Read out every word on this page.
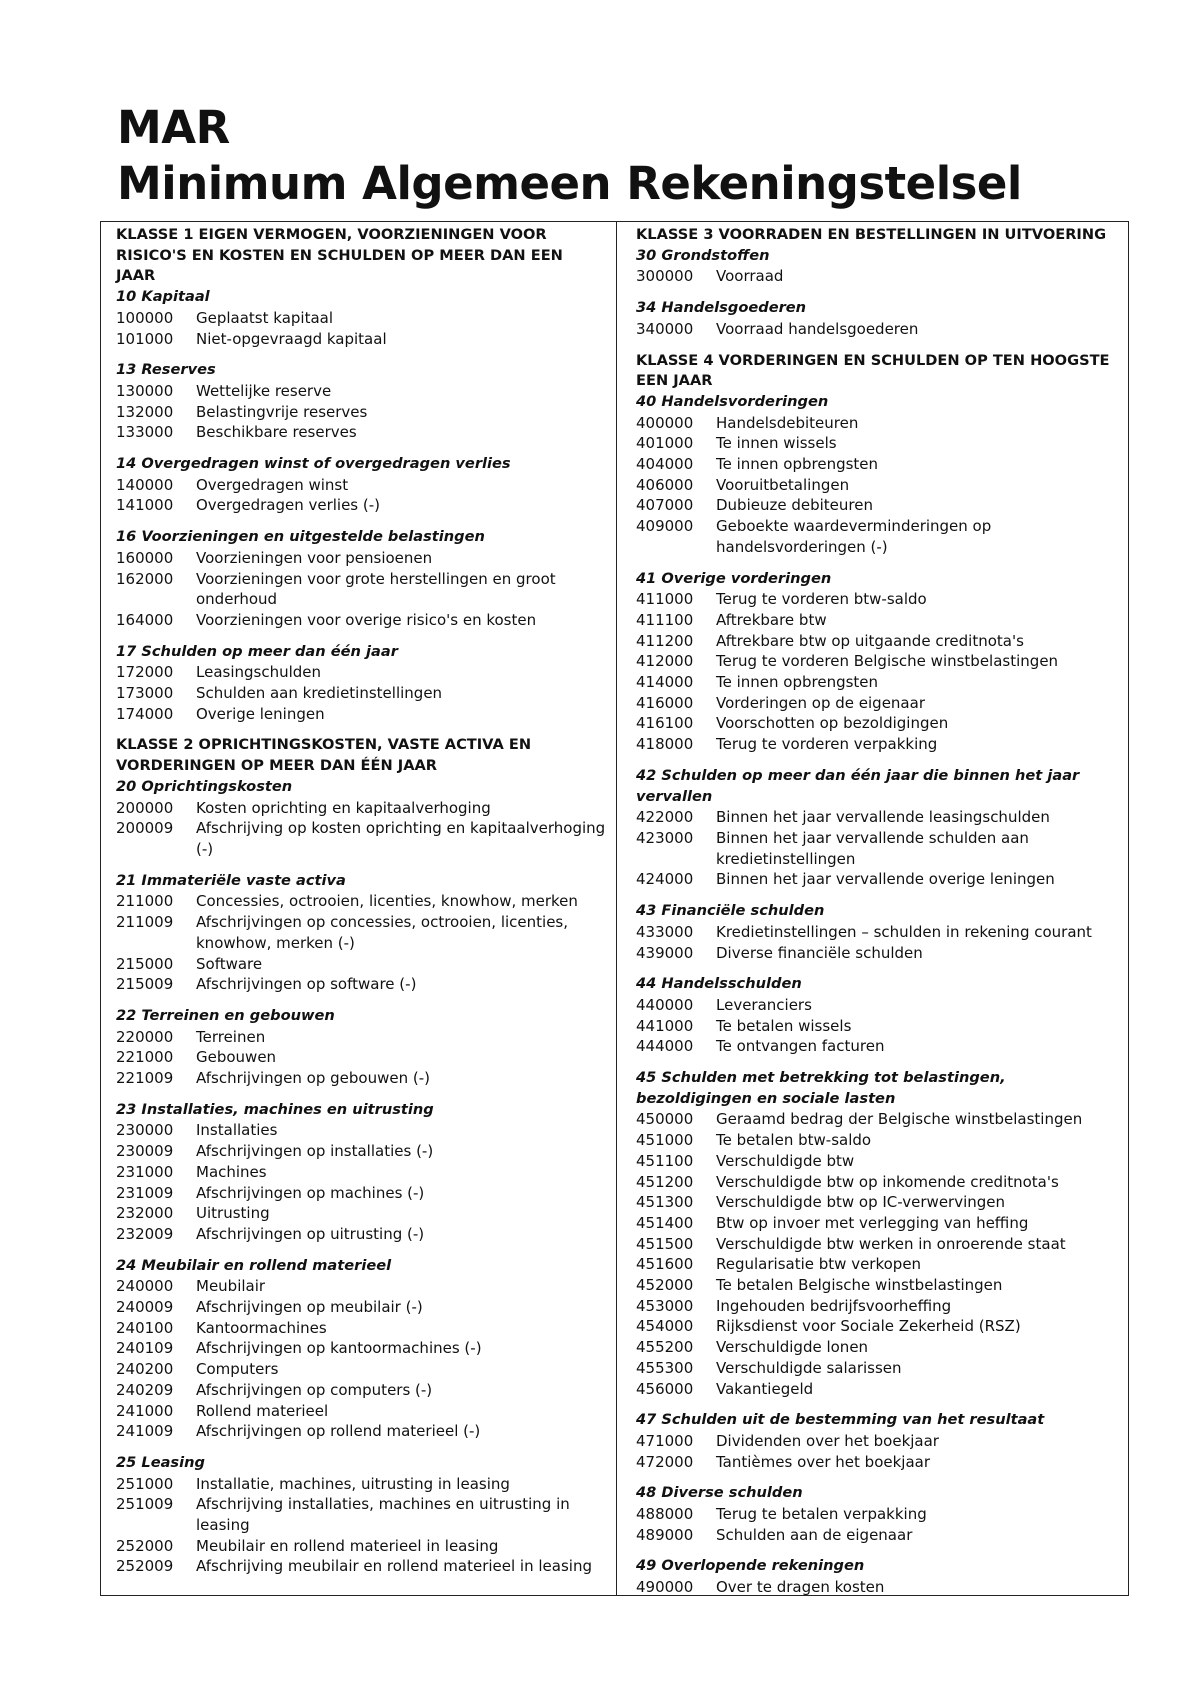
MAR
Minimum Algemeen Rekeningstelsel
KLASSE 1 EIGEN VERMOGEN, VOORZIENINGEN VOOR RISICO'S EN KOSTEN EN SCHULDEN OP MEER DAN EEN JAAR
10 Kapitaal
100000	Geplaatst kapitaal
101000	Niet-opgevraagd kapitaal
13 Reserves
130000	Wettelijke reserve
132000	Belastingvrije reserves
133000	Beschikbare reserves
14 Overgedragen winst of overgedragen verlies
140000	Overgedragen winst
141000	Overgedragen verlies (-)
16 Voorzieningen en uitgestelde belastingen
160000	Voorzieningen voor pensioenen
162000	Voorzieningen voor grote herstellingen en groot onderhoud
164000	Voorzieningen voor overige risico's en kosten
17 Schulden op meer dan één jaar
172000	Leasingschulden
173000	Schulden aan kredietinstellingen
174000	Overige leningen
KLASSE 2 OPRICHTINGSKOSTEN, VASTE ACTIVA EN VORDERINGEN OP MEER DAN ÉÉN JAAR
20 Oprichtingskosten
200000	Kosten oprichting en kapitaalverhoging
200009	Afschrijving op kosten oprichting en kapitaalverhoging (-)
21 Immateriële vaste activa
211000	Concessies, octrooien, licenties, knowhow, merken
211009	Afschrijvingen op concessies, octrooien, licenties, knowhow, merken (-)
215000	Software
215009	Afschrijvingen op software (-)
22 Terreinen en gebouwen
220000	Terreinen
221000	Gebouwen
221009	Afschrijvingen op gebouwen (-)
23 Installaties, machines en uitrusting
230000	Installaties
230009	Afschrijvingen op installaties (-)
231000	Machines
231009	Afschrijvingen op machines (-)
232000	Uitrusting
232009	Afschrijvingen op uitrusting (-)
24 Meubilair en rollend materieel
240000	Meubilair
240009	Afschrijvingen op meubilair (-)
240100	Kantoormachines
240109	Afschrijvingen op kantoormachines (-)
240200	Computers
240209	Afschrijvingen op computers (-)
241000	Rollend materieel
241009	Afschrijvingen op rollend materieel (-)
25 Leasing
251000	Installatie, machines, uitrusting in leasing
251009	Afschrijving installaties, machines en uitrusting in leasing
252000	Meubilair en rollend materieel in leasing
252009	Afschrijving meubilair en rollend materieel in leasing
KLASSE 3 VOORRADEN EN BESTELLINGEN IN UITVOERING
30 Grondstoffen
300000	Voorraad
34 Handelsgoederen
340000	Voorraad handelsgoederen
KLASSE 4 VORDERINGEN EN SCHULDEN OP TEN HOOGSTE EEN JAAR
40 Handelsvorderingen
400000	Handelsdebiteuren
401000	Te innen wissels
404000	Te innen opbrengsten
406000	Vooruitbetalingen
407000	Dubieuze debiteuren
409000	Geboekte waardeverminderingen op handelsvorderingen (-)
41 Overige vorderingen
411000	Terug te vorderen btw-saldo
411100	Aftrekbare btw
411200	Aftrekbare btw op uitgaande creditnota's
412000	Terug te vorderen Belgische winstbelastingen
414000	Te innen opbrengsten
416000	Vorderingen op de eigenaar
416100	Voorschotten op bezoldigingen
418000	Terug te vorderen verpakking
42 Schulden op meer dan één jaar die binnen het jaar vervallen
422000	Binnen het jaar vervallende leasingschulden
423000	Binnen het jaar vervallende schulden aan kredietinstellingen
424000	Binnen het jaar vervallende overige leningen
43 Financiële schulden
433000	Kredietinstellingen – schulden in rekening courant
439000	Diverse financiële schulden
44 Handelsschulden
440000	Leveranciers
441000	Te betalen wissels
444000	Te ontvangen facturen
45 Schulden met betrekking tot belastingen, bezoldigingen en sociale lasten
450000	Geraamd bedrag der Belgische winstbelastingen
451000	Te betalen btw-saldo
451100	Verschuldigde btw
451200	Verschuldigde btw op inkomende creditnota's
451300	Verschuldigde btw op IC-verwervingen
451400	Btw op invoer met verlegging van heffing
451500	Verschuldigde btw werken in onroerende staat
451600	Regularisatie btw verkopen
452000	Te betalen Belgische winstbelastingen
453000	Ingehouden bedrijfsvoorheffing
454000	Rijksdienst voor Sociale Zekerheid (RSZ)
455200	Verschuldigde lonen
455300	Verschuldigde salarissen
456000	Vakantiegeld
47 Schulden uit de bestemming van het resultaat
471000	Dividenden over het boekjaar
472000	Tantièmes over het boekjaar
48 Diverse schulden
488000	Terug te betalen verpakking
489000	Schulden aan de eigenaar
49 Overlopende rekeningen
490000	Over te dragen kosten
